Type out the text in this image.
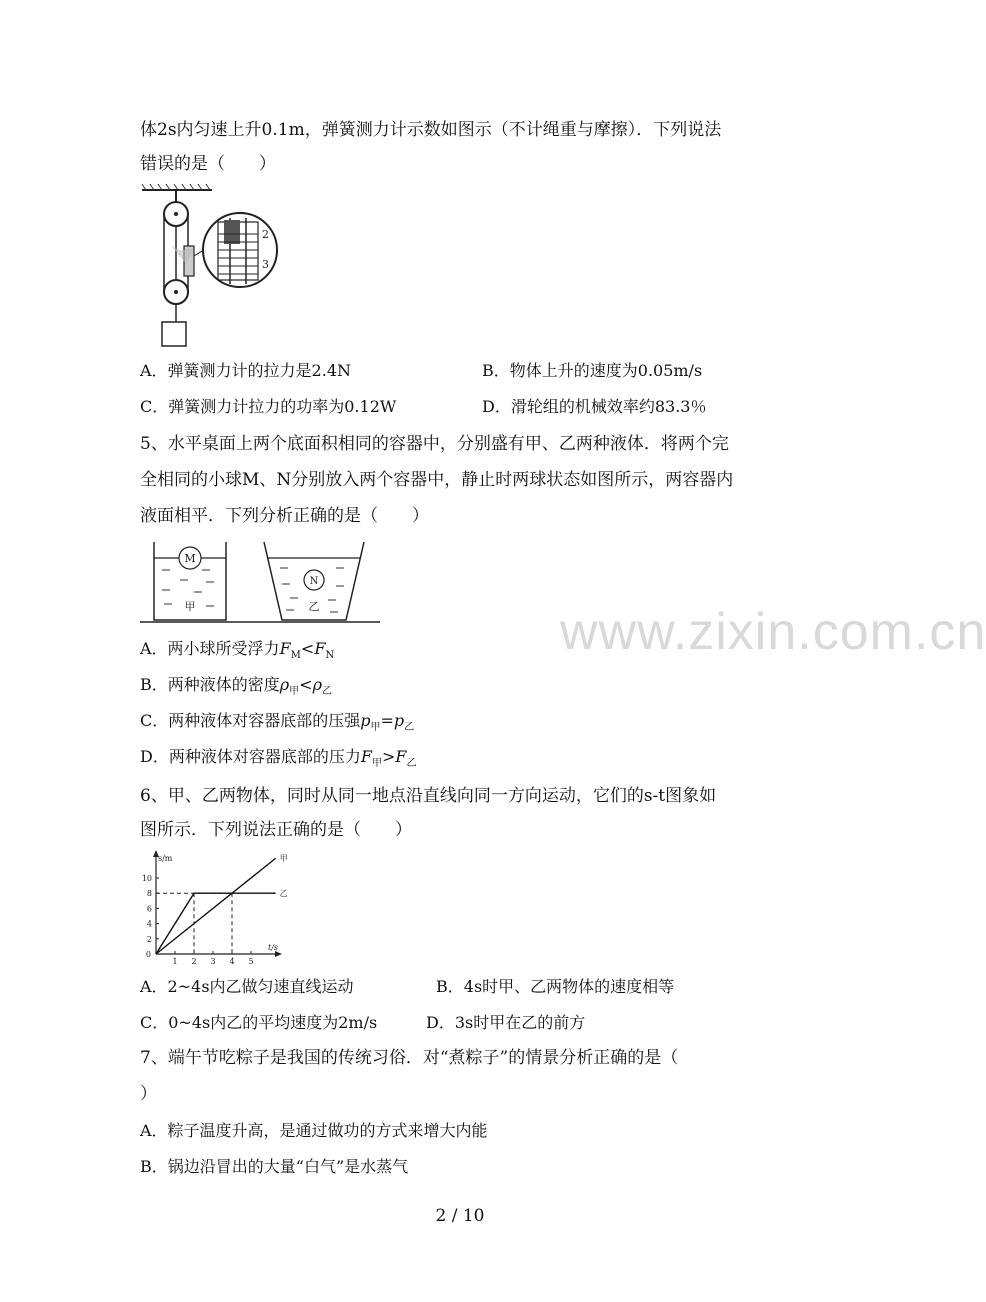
体2s内匀速上升0.1m，弹簧测力计示数如图示（不计绳重与摩擦）．下列说法
错误的是（　　）
2
3
A．弹簧测力计的拉力是2.4N	B．物体上升的速度为0.05m/s
C．弹簧测力计拉力的功率为0.12W	D．滑轮组的机械效率约83.3％
5、水平桌面上两个底面积相同的容器中，分别盛有甲、乙两种液体．将两个完
全相同的小球M、N分别放入两个容器中，静止时两球状态如图所示，两容器内
液面相平．下列分析正确的是（　　）
M
甲
N
乙
A．两小球所受浮力$F_M<F_N$
B．两种液体的密度$\rho_甲<\rho_乙$
C．两种液体对容器底部的压强$p_甲=p_乙$
D．两种液体对容器底部的压力$F_甲>F_乙$
6、甲、乙两物体，同时从同一地点沿直线向同一方向运动，它们的s-t图象如
图所示．下列说法正确的是（　　）
1 2 3 4 5
2
4
6
8
10
0
s/m
t/s
甲
乙
A．2~4s内乙做匀速直线运动	B．4s时甲、乙两物体的速度相等
C．0~4s内乙的平均速度为2m/s	D．3s时甲在乙的前方
7、端午节吃粽子是我国的传统习俗．对“煮粽子”的情景分析正确的是（
）
A．粽子温度升高，是通过做功的方式来增大内能
B．锅边沿冒出的大量“白气”是水蒸气
www.zixin.com.cn
2 / 10
